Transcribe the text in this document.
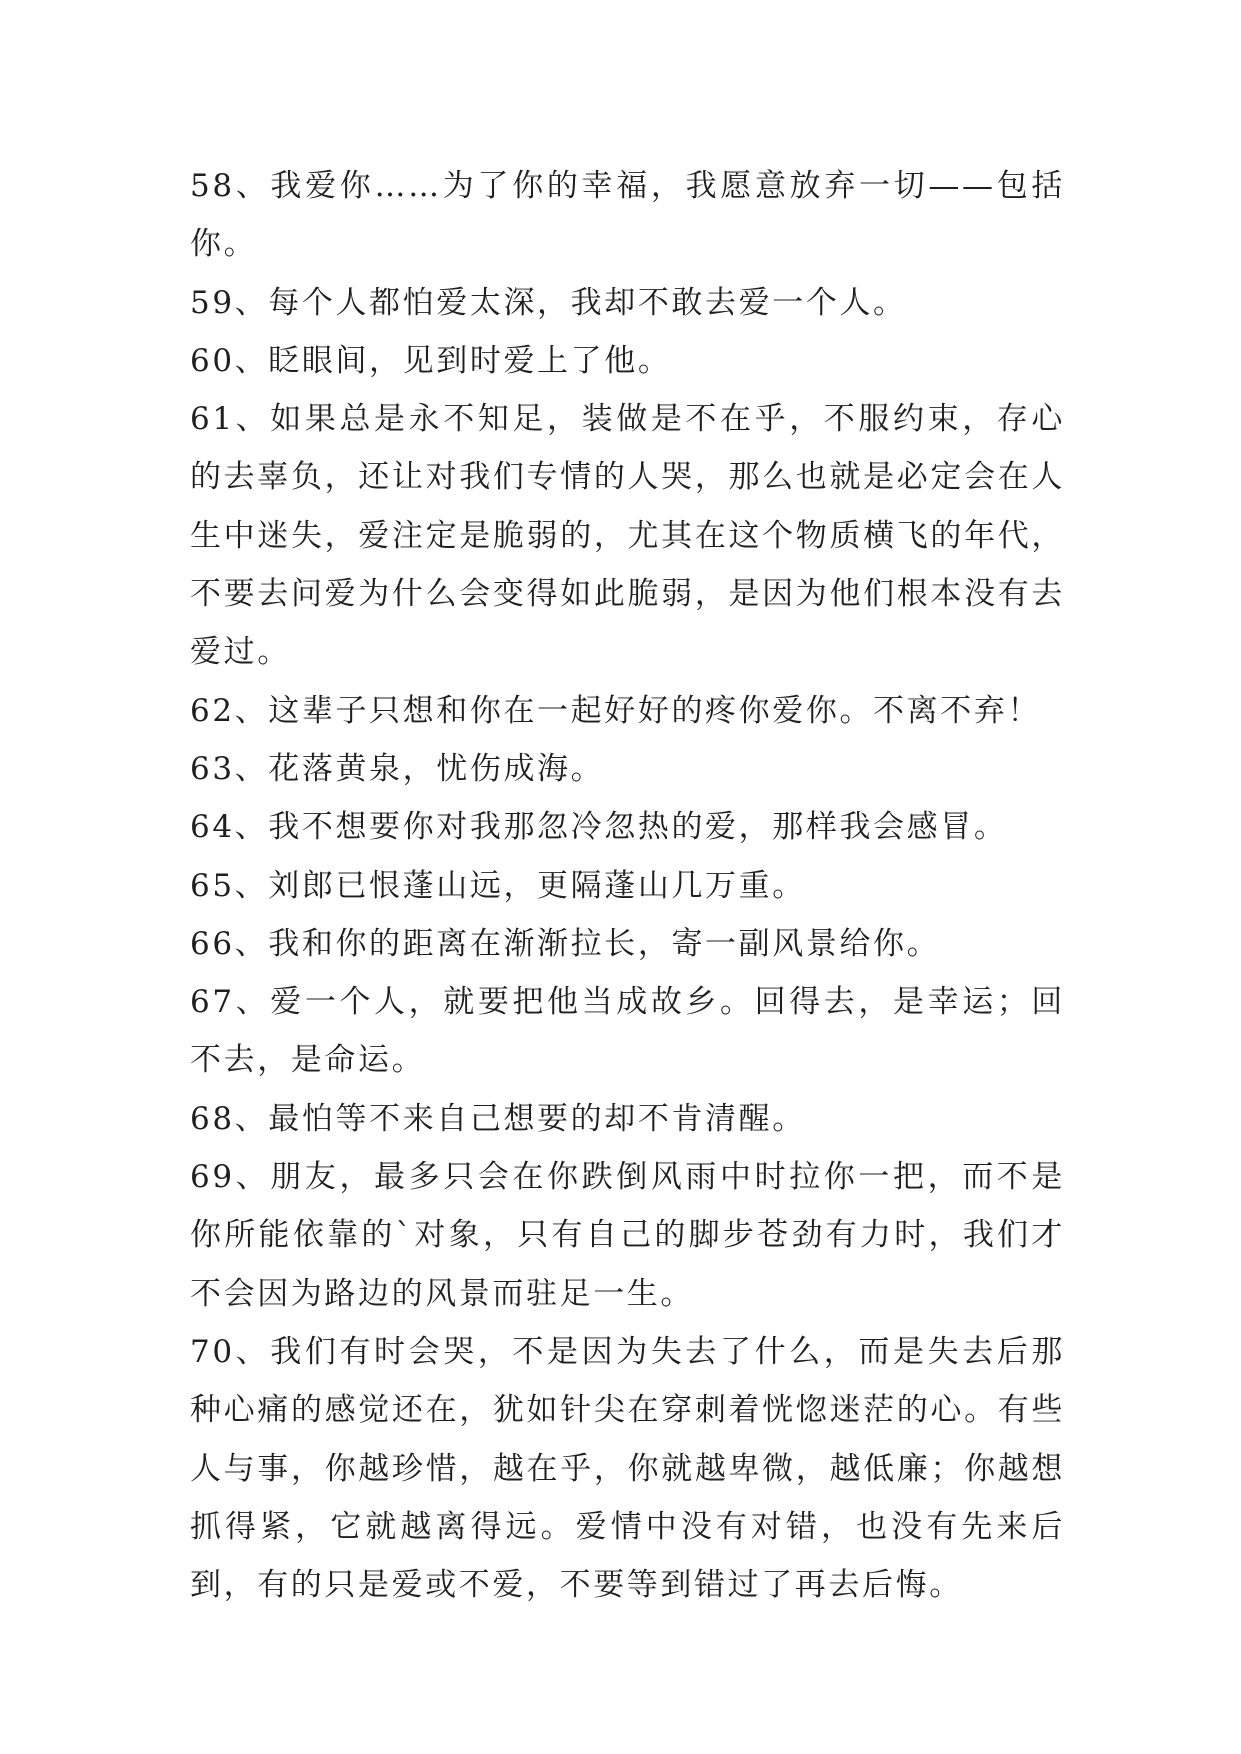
58、我爱你……为了你的幸福，我愿意放弃一切——包括你。

59、每个人都怕爱太深，我却不敢去爱一个人。

60、眨眼间，见到时爱上了他。

61、如果总是永不知足，装做是不在乎，不服约束，存心的去辜负，还让对我们专情的人哭，那么也就是必定会在人生中迷失，爱注定是脆弱的，尤其在这个物质横飞的年代，不要去问爱为什么会变得如此脆弱，是因为他们根本没有去爱过。

62、这辈子只想和你在一起好好的疼你爱你。不离不弃！

63、花落黄泉，忧伤成海。

64、我不想要你对我那忽冷忽热的爱，那样我会感冒。

65、刘郎已恨蓬山远，更隔蓬山几万重。

66、我和你的距离在渐渐拉长，寄一副风景给你。

67、爱一个人，就要把他当成故乡。回得去，是幸运；回不去，是命运。

68、最怕等不来自己想要的却不肯清醒。

69、朋友，最多只会在你跌倒风雨中时拉你一把，而不是你所能依靠的`对象，只有自己的脚步苍劲有力时，我们才不会因为路边的风景而驻足一生。

70、我们有时会哭，不是因为失去了什么，而是失去后那种心痛的感觉还在，犹如针尖在穿刺着恍惚迷茫的心。有些人与事，你越珍惜，越在乎，你就越卑微，越低廉；你越想抓得紧，它就越离得远。爱情中没有对错，也没有先来后到，有的只是爱或不爱，不要等到错过了再去后悔。
